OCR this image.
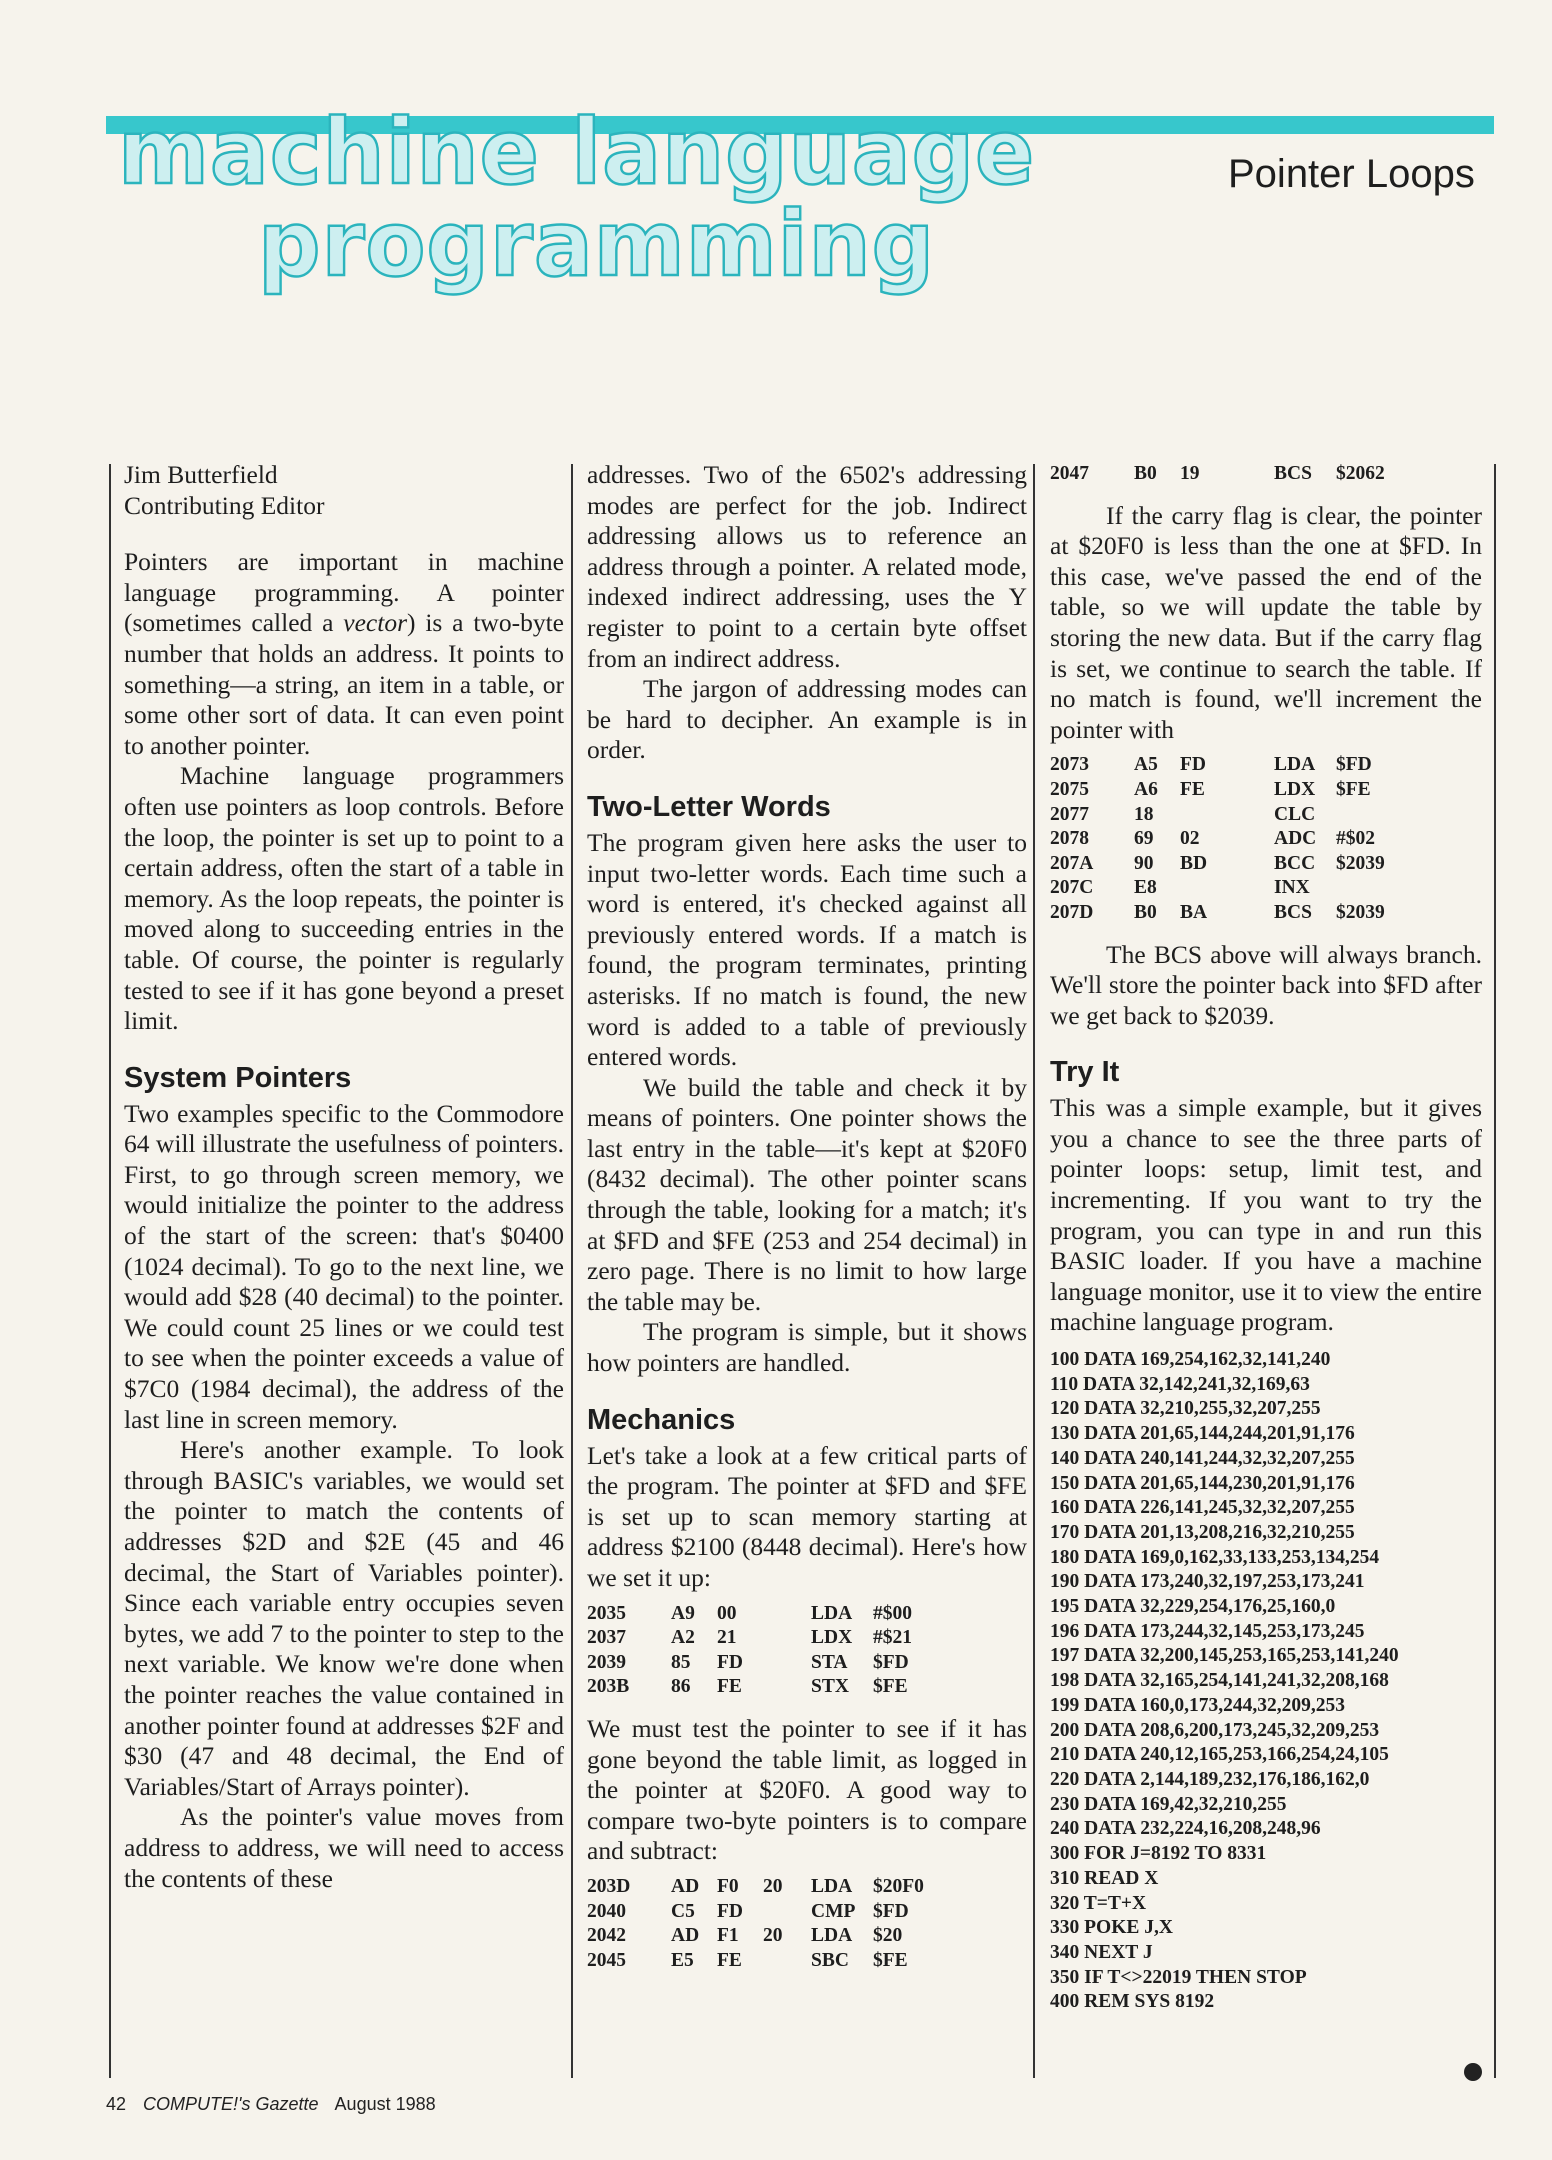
machine language
programming
Pointer Loops
Jim Butterfield
Contributing Editor

Pointers are important in machine language programming. A pointer (sometimes called a vector) is a two-byte number that holds an address. It points to something—a string, an item in a table, or some other sort of data. It can even point to another pointer.

Machine language programmers often use pointers as loop controls. Before the loop, the pointer is set up to point to a certain address, often the start of a table in memory. As the loop repeats, the pointer is moved along to succeeding entries in the table. Of course, the pointer is regularly tested to see if it has gone beyond a preset limit.

System Pointers

Two examples specific to the Commodore 64 will illustrate the usefulness of pointers. First, to go through screen memory, we would initialize the pointer to the address of the start of the screen: that's $0400 (1024 decimal). To go to the next line, we would add $28 (40 decimal) to the pointer. We could count 25 lines or we could test to see when the pointer exceeds a value of $7C0 (1984 decimal), the address of the last line in screen memory.

Here's another example. To look through BASIC's variables, we would set the pointer to match the contents of addresses $2D and $2E (45 and 46 decimal, the Start of Variables pointer). Since each variable entry occupies seven bytes, we add 7 to the pointer to step to the next variable. We know we're done when the pointer reaches the value contained in another pointer found at addresses $2F and $30 (47 and 48 decimal, the End of Variables/Start of Arrays pointer).

As the pointer's value moves from address to address, we will need to access the contents of these

addresses. Two of the 6502's addressing modes are perfect for the job. Indirect addressing allows us to reference an address through a pointer. A related mode, indexed indirect addressing, uses the Y register to point to a certain byte offset from an indirect address.

The jargon of addressing modes can be hard to decipher. An example is in order.

Two-Letter Words

The program given here asks the user to input two-letter words. Each time such a word is entered, it's checked against all previously entered words. If a match is found, the program terminates, printing asterisks. If no match is found, the new word is added to a table of previously entered words.

We build the table and check it by means of pointers. One pointer shows the last entry in the table—it's kept at $20F0 (8432 decimal). The other pointer scans through the table, looking for a match; it's at $FD and $FE (253 and 254 decimal) in zero page. There is no limit to how large the table may be.

The program is simple, but it shows how pointers are handled.

Mechanics

Let's take a look at a few critical parts of the program. The pointer at $FD and $FE is set up to scan memory starting at address $2100 (8448 decimal). Here's how we set it up:

2035	A9	00	LDA	#$00
2037	A2	21	LDX	#$21
2039	85	FD	STA	$FD
203B	86	FE	STX	$FE

We must test the pointer to see if it has gone beyond the table limit, as logged in the pointer at $20F0. A good way to compare two-byte pointers is to compare and subtract:

203D	AD F0	20	LDA	$20F0
2040	C5	FD	CMP $FD
2042	AD F1	20	LDA	$20
2045	E5	FE	SBC	$FE
2047	B0	19	BCS	$2062

If the carry flag is clear, the pointer at $20F0 is less than the one at $FD. In this case, we've passed the end of the table, so we will update the table by storing the new data. But if the carry flag is set, we continue to search the table. If no match is found, we'll increment the pointer with

2073	A5	FD	LDA	$FD
2075	A6	FE	LDX	$FE
2077	18	CLC
2078	69	02	ADC	#$02
207A	90	BD	BCC	$2039
207C	E8	INX
207D	B0	BA	BCS	$2039

The BCS above will always branch. We'll store the pointer back into $FD after we get back to $2039.

Try It

This was a simple example, but it gives you a chance to see the three parts of pointer loops: setup, limit test, and incrementing. If you want to try the program, you can type in and run this BASIC loader. If you have a machine language monitor, use it to view the entire machine language program.

100 DATA 169,254,162,32,141,240
110 DATA 32,142,241,32,169,63
120 DATA 32,210,255,32,207,255
130 DATA 201,65,144,244,201,91,176
140 DATA 240,141,244,32,32,207,255
150 DATA 201,65,144,230,201,91,176
160 DATA 226,141,245,32,32,207,255
170 DATA 201,13,208,216,32,210,255
180 DATA 169,0,162,33,133,253,134,254
190 DATA 173,240,32,197,253,173,241
195 DATA 32,229,254,176,25,160,0
196 DATA 173,244,32,145,253,173,245
197 DATA 32,200,145,253,165,253,141,240
198 DATA 32,165,254,141,241,32,208,168
199 DATA 160,0,173,244,32,209,253
200 DATA 208,6,200,173,245,32,209,253
210 DATA 240,12,165,253,166,254,24,105
220 DATA 2,144,189,232,176,186,162,0
230 DATA 169,42,32,210,255
240 DATA 232,224,16,208,248,96
300 FOR J=8192 TO 8331
310 READ X
320 T=T+X
330 POKE J,X
340 NEXT J
350 IF T<>22019 THEN STOP
400 REM SYS 8192
42 COMPUTE!'s Gazette August 1988
